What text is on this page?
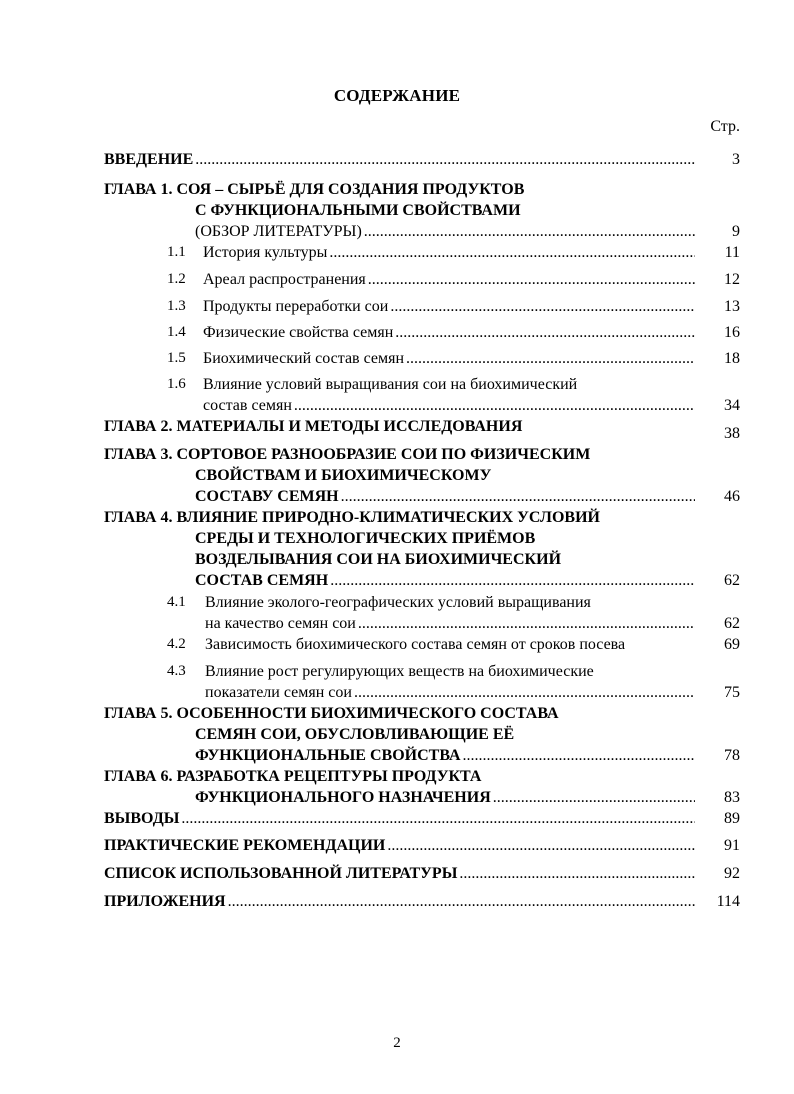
СОДЕРЖАНИЕ
Стр.
ВВЕДЕНИЕ .....	3
ГЛАВА 1. СОЯ – СЫРЬЁ ДЛЯ СОЗДАНИЯ ПРОДУКТОВ
С ФУНКЦИОНАЛЬНЫМИ СВОЙСТВАМИ
(ОБЗОР ЛИТЕРАТУРЫ) .....	9
1.1 История культуры .....	11
1.2 Ареал распространения .....	12
1.3 Продукты переработки сои .....	13
1.4 Физические свойства семян .....	16
1.5 Биохимический состав семян .....	18
1.6	Влияние условий выращивания сои на биохимический
состав семян .....	34
ГЛАВА 2. МАТЕРИАЛЫ И МЕТОДЫ ИССЛЕДОВАНИЯ	38
ГЛАВА 3. СОРТОВОЕ РАЗНООБРАЗИЕ СОИ ПО ФИЗИЧЕСКИМ
СВОЙСТВАМ И БИОХИМИЧЕСКОМУ
СОСТАВУ СЕМЯН .....	46
ГЛАВА 4. ВЛИЯНИЕ ПРИРОДНО-КЛИМАТИЧЕСКИХ УСЛОВИЙ
СРЕДЫ И ТЕХНОЛОГИЧЕСКИХ ПРИЁМОВ
ВОЗДЕЛЫВАНИЯ СОИ НА БИОХИМИЧЕСКИЙ
СОСТАВ СЕМЯН .....	62
4.1	Влияние эколого-географических условий выращивания
на качество семян сои .....	62
4.2	Зависимость биохимического состава семян от сроков посева	69
4.3	Влияние рост регулирующих веществ на биохимические
показатели семян сои .....	75
ГЛАВА 5. ОСОБЕННОСТИ БИОХИМИЧЕСКОГО СОСТАВА
СЕМЯН СОИ, ОБУСЛОВЛИВАЮЩИЕ ЕЁ
ФУНКЦИОНАЛЬНЫЕ СВОЙСТВА .....	78
ГЛАВА 6. РАЗРАБОТКА РЕЦЕПТУРЫ ПРОДУКТА
ФУНКЦИОНАЛЬНОГО НАЗНАЧЕНИЯ .....	83
ВЫВОДЫ .....	89
ПРАКТИЧЕСКИЕ РЕКОМЕНДАЦИИ .....	91
СПИСОК ИСПОЛЬЗОВАННОЙ ЛИТЕРАТУРЫ .....	92
ПРИЛОЖЕНИЯ .....	114
2
